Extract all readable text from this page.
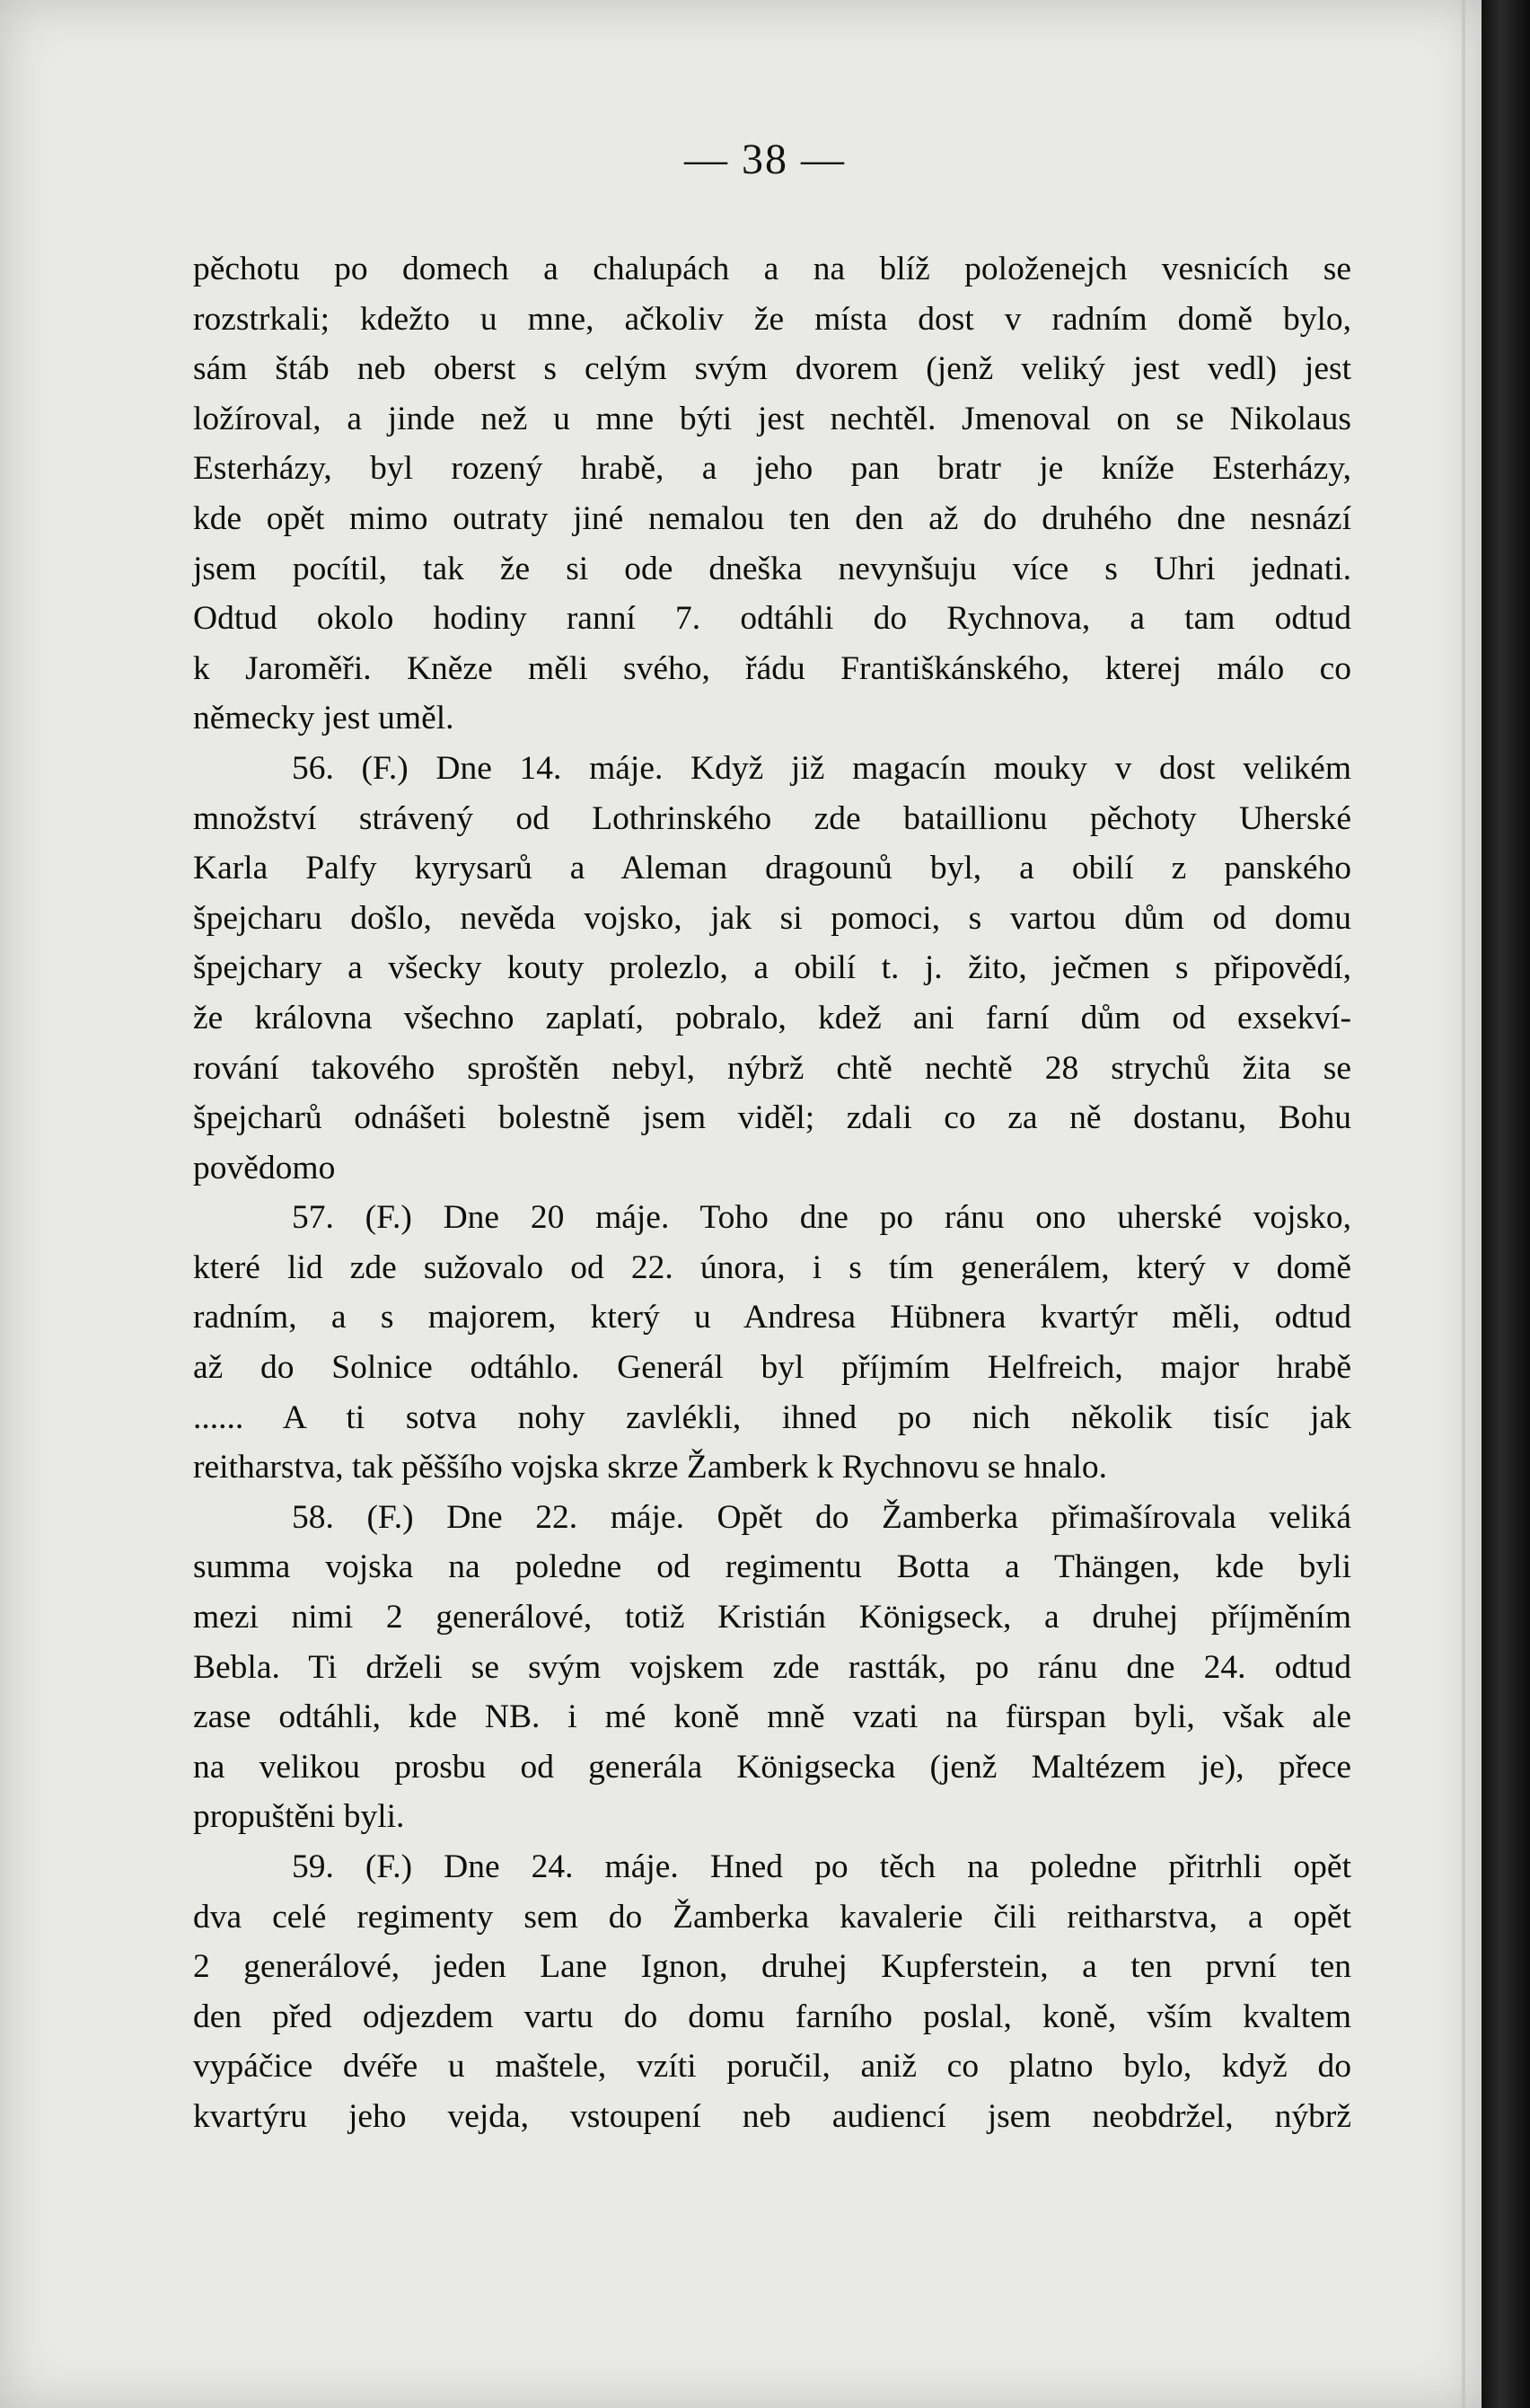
— 38 —

pěchotu po domech a chalupách a na blíž položenejch vesnicích se

rozstrkali; kdežto u mne, ačkoliv že místa dost v radním domě bylo,

sám štáb neb oberst s celým svým dvorem (jenž veliký jest vedl) jest

ložíroval, a jinde než u mne býti jest nechtěl. Jmenoval on se Nikolaus

Esterházy, byl rozený hrabě, a jeho pan bratr je kníže Esterházy,

kde opět mimo outraty jiné nemalou ten den až do druhého dne nesnází

jsem pocítil, tak že si ode dneška nevynšuju více s Uhri jednati.

Odtud okolo hodiny ranní 7. odtáhli do Rychnova, a tam odtud

k Jaroměři. Kněze měli svého, řádu Františkánského, kterej málo co

německy jest uměl.

56. (F.) Dne 14. máje. Když již magacín mouky v dost velikém

množství strávený od Lothrinského zde bataillionu pěchoty Uherské

Karla Palfy kyrysarů a Aleman dragounů byl, a obilí z panského

špejcharu došlo, nevěda vojsko, jak si pomoci, s vartou dům od domu

špejchary a všecky kouty prolezlo, a obilí t. j. žito, ječmen s připovědí,

že královna všechno zaplatí, pobralo, kdež ani farní dům od exsekví-

rování takového sproštěn nebyl, nýbrž chtě nechtě 28 strychů žita se

špejcharů odnášeti bolestně jsem viděl; zdali co za ně dostanu, Bohu

povědomo

57. (F.) Dne 20 máje. Toho dne po ránu ono uherské vojsko,

které lid zde sužovalo od 22. února, i s tím generálem, který v domě

radním, a s majorem, který u Andresa Hübnera kvartýr měli, odtud

až do Solnice odtáhlo. Generál byl příjmím Helfreich, major hrabě

...... A ti sotva nohy zavlékli, ihned po nich několik tisíc jak

reitharstva, tak pěššího vojska skrze Žamberk k Rychnovu se hnalo.

58. (F.) Dne 22. máje. Opět do Žamberka přimašírovala veliká

summa vojska na poledne od regimentu Botta a Thängen, kde byli

mezi nimi 2 generálové, totiž Kristián Königseck, a druhej příjměním

Bebla. Ti drželi se svým vojskem zde rastták, po ránu dne 24. odtud

zase odtáhli, kde NB. i mé koně mně vzati na fürspan byli, však ale

na velikou prosbu od generála Königsecka (jenž Maltézem je), přece

propuštěni byli.

59. (F.) Dne 24. máje. Hned po těch na poledne přitrhli opět

dva celé regimenty sem do Žamberka kavalerie čili reitharstva, a opět

2 generálové, jeden Lane Ignon, druhej Kupferstein, a ten první ten

den před odjezdem vartu do domu farního poslal, koně, vším kvaltem

vypáčice dvéře u maštele, vzíti poručil, aniž co platno bylo, když do

kvartýru jeho vejda, vstoupení neb audiencí jsem neobdržel, nýbrž
